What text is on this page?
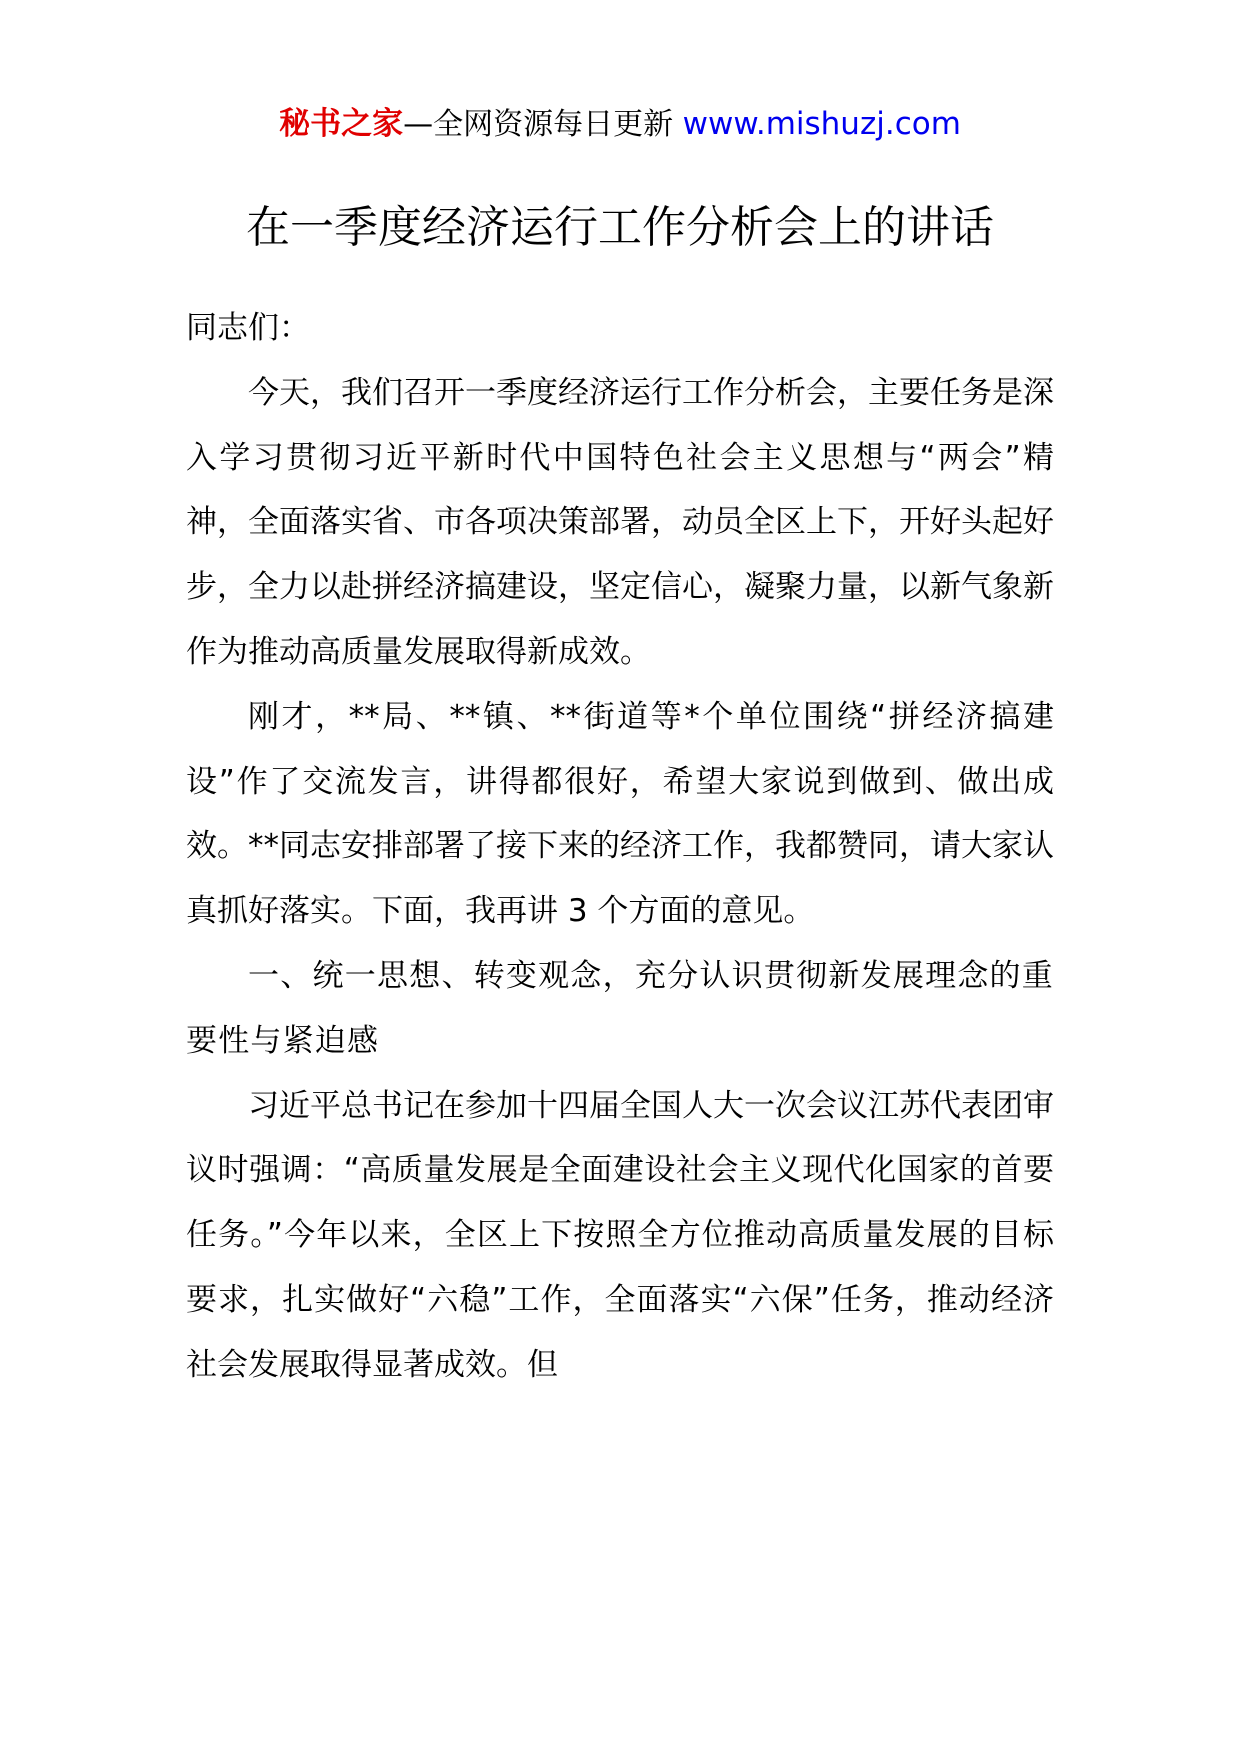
秘书之家—全网资源每日更新 www.mishuzj.com
在一季度经济运行工作分析会上的讲话

同志们：

今天，我们召开一季度经济运行工作分析会，主要任务是深入学习贯彻习近平新时代中国特色社会主义思想与“两会”精神，全面落实省、市各项决策部署，动员全区上下，开好头起好步，全力以赴拼经济搞建设，坚定信心，凝聚力量，以新气象新作为推动高质量发展取得新成效。

刚才，**局、**镇、**街道等*个单位围绕“拼经济搞建设”作了交流发言，讲得都很好，希望大家说到做到、做出成效。**同志安排部署了接下来的经济工作，我都赞同，请大家认真抓好落实。下面，我再讲 3 个方面的意见。

一、统一思想、转变观念，充分认识贯彻新发展理念的重要性与紧迫感

习近平总书记在参加十四届全国人大一次会议江苏代表团审议时强调：“高质量发展是全面建设社会主义现代化国家的首要任务。”今年以来，全区上下按照全方位推动高质量发展的目标要求，扎实做好“六稳”工作，全面落实“六保”任务，推动经济社会发展取得显著成效。但
